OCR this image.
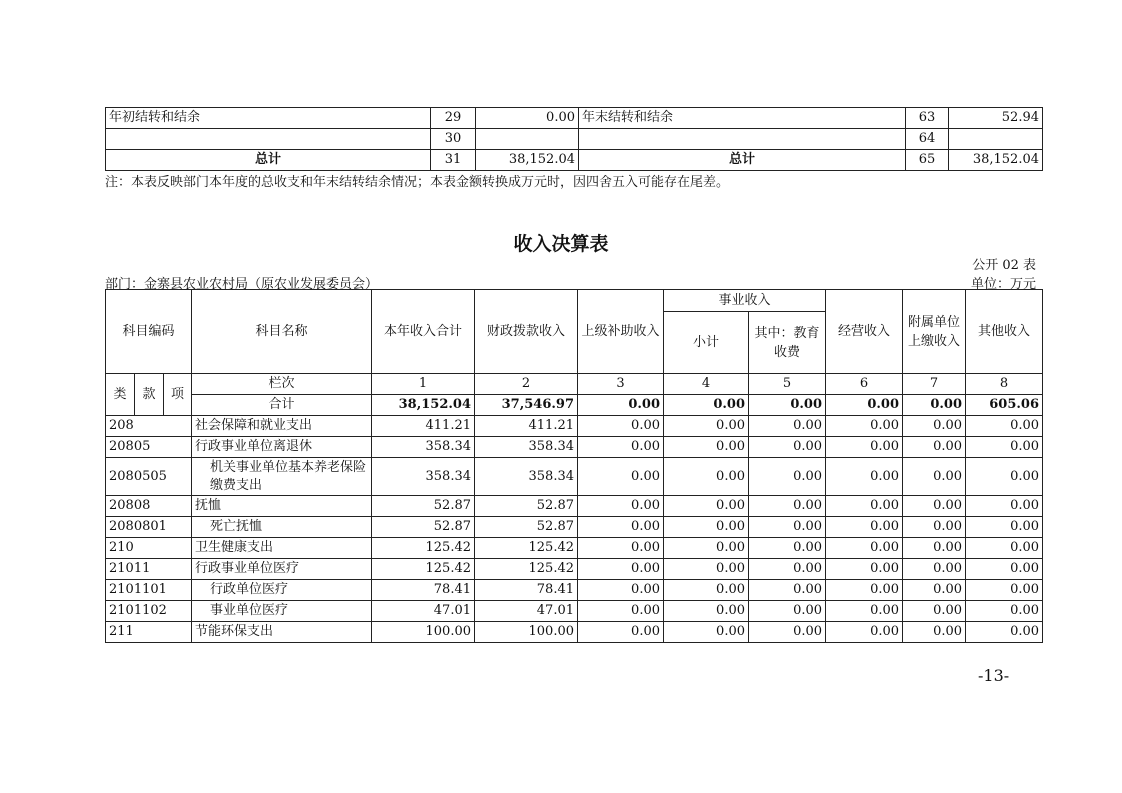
年初结转和结余	29	0.00	年末结转和结余	63	52.94
	30			64	
总计	31	38,152.04	总计	65	38,152.04
注：本表反映部门本年度的总收支和年末结转结余情况；本表金额转换成万元时，因四舍五入可能存在尾差。
收入决算表
公开 02 表
部门：金寨县农业农村局（原农业发展委员会）	单位：万元
科目编码			科目名称	本年收入合计	财政拨款收入	上级补助收入	事业收入		经营收入	附属单位上缴收入	其他收入
							小计	其中：教育收费			

类	款	项	栏次	1	2	3	4	5	6	7	8
			合计	38,152.04	37,546.97	0.00	0.00	0.00	0.00	0.00	605.06
208			社会保障和就业支出	411.21	411.21	0.00	0.00	0.00	0.00	0.00	0.00
20805			行政事业单位离退休	358.34	358.34	0.00	0.00	0.00	0.00	0.00	0.00
2080505			机关事业单位基本养老保险缴费支出	358.34	358.34	0.00	0.00	0.00	0.00	0.00	0.00
20808			抚恤	52.87	52.87	0.00	0.00	0.00	0.00	0.00	0.00
2080801			死亡抚恤	52.87	52.87	0.00	0.00	0.00	0.00	0.00	0.00
210			卫生健康支出	125.42	125.42	0.00	0.00	0.00	0.00	0.00	0.00
21011			行政事业单位医疗	125.42	125.42	0.00	0.00	0.00	0.00	0.00	0.00
2101101			行政单位医疗	78.41	78.41	0.00	0.00	0.00	0.00	0.00	0.00
2101102			事业单位医疗	47.01	47.01	0.00	0.00	0.00	0.00	0.00	0.00
211			节能环保支出	100.00	100.00	0.00	0.00	0.00	0.00	0.00	0.00
-13-
